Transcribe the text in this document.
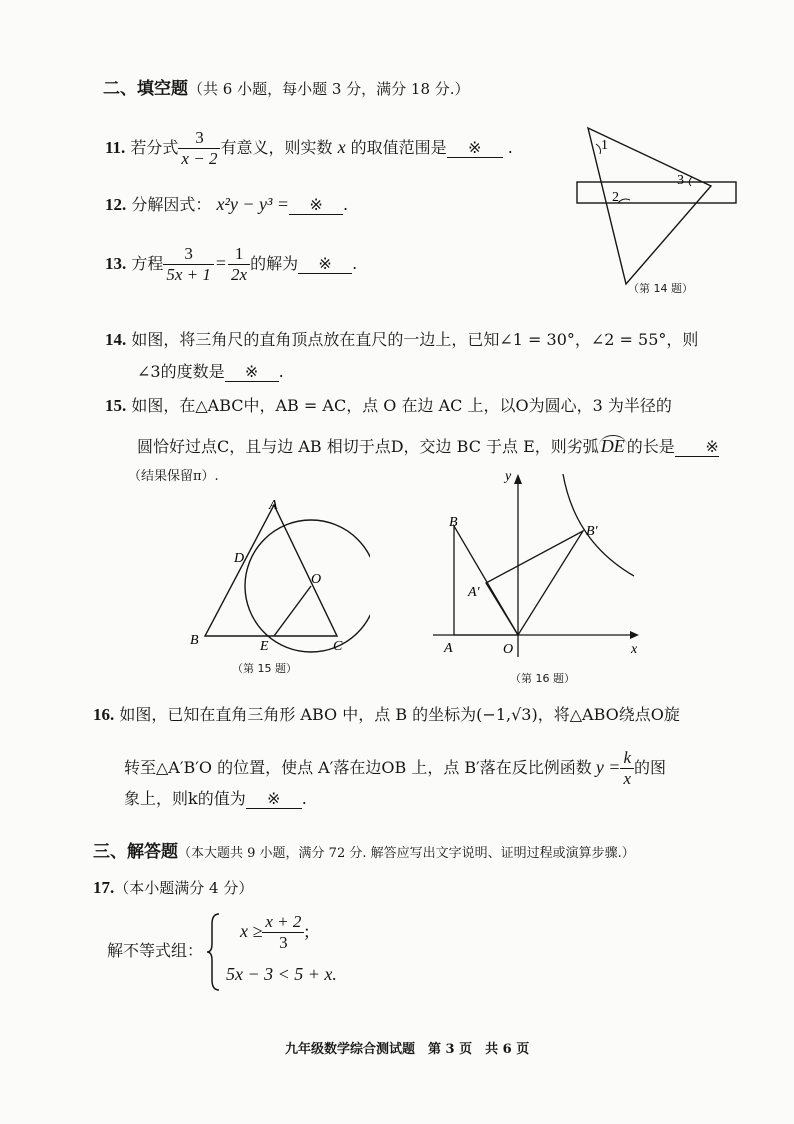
二、填空题（共 6 小题，每小题 3 分，满分 18 分.）
11. 若分式 $\frac{3}{x - 2}$ 有意义，则实数 x 的取值范围是 ※ .
12. 分解因式： x²y − y³ = ※ .
13. 方程 $\frac{3}{5x + 1} = \frac{1}{2x}$ 的解为 ※ .
1
2
3
（第 14 题）
14. 如图，将三角尺的直角顶点放在直尺的一边上，已知∠1 = 30°，∠2 = 55°，则
∠3的度数是 ※ .
15. 如图，在△ABC中，AB = AC，点 O 在边 AC 上，以O为圆心，3 为半径的
圆恰好过点C，且与边 AB 相切于点D，交边 BC 于点 E，则劣弧 DE 的长是 ※
（结果保留π）.
A
B	C
D
E
O
（第 15 题）
y
x
O
A
B
A′
B′
（第 16 题）
16. 如图，已知在直角三角形 ABO 中，点 B 的坐标为(−1,√3)，将△ABO绕点O旋
转至△A′B′O 的位置，使点 A′落在边OB 上，点 B′落在反比例函数 $y = \frac{k}{x}$ 的图
象上，则k的值为 ※ .
三、解答题（本大题共 9 小题，满分 72 分. 解答应写出文字说明、证明过程或演算步骤.）
17.（本小题满分 4 分）
解不等式组：
$x \ge \frac{x + 2}{3}$ ;
5x − 3 < 5 + x.
九年级数学综合测试题　第 3 页　共 6 页
